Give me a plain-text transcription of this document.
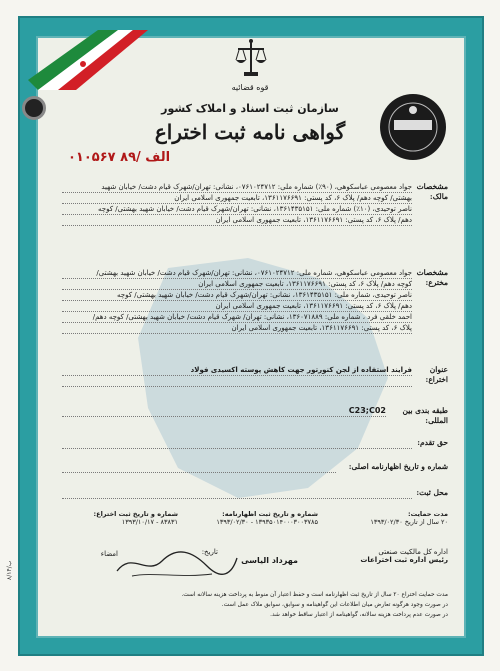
قوه قضائیه
سازمان ثبت اسناد و املاک کشور
گواهی نامه ثبت اختراع
الف /۸۹ ۰۱۰۵۶۷
مشخصات مالک:
جواد معصومی عباسکوهی، (۹۰٪) شماره ملی: ۰۷۶۱۰۲۴۷۱۲، نشانی: تهران/شهرک قیام دشت/ خیابان شهید
بهشتی/ کوچه دهم/ پلاک ۶، کد پستی: ۱۳۶۱۱۷۶۶۹۱، تابعیت جمهوری اسلامی ایران
ناصر توحیدی، (۱۰٪) شماره ملی: ۱۳۶۱۴۳۵۱۵۱، نشانی: تهران/شهرک قیام دشت/ خیابان شهید بهشتی/ کوچه
دهم/ پلاک ۶، کد پستی: ۱۳۶۱۱۷۶۶۹۱، تابعیت جمهوری اسلامی ایران
مشخصات مخترع:
جواد معصومی عباسکوهی، شماره ملی: ۰۷۶۱۰۲۴۷۱۲، نشانی: تهران/شهرک قیام دشت/ خیابان شهید بهشتی/
کوچه دهم/ پلاک ۶، کد پستی: ۱۳۶۱۱۷۶۶۹۱، تابعیت جمهوری اسلامی ایران
ناصر توحیدی، شماره ملی: ۱۳۶۱۴۳۵۱۵۱، نشانی: تهران/شهرک قیام دشت/ خیابان شهید بهشتی/ کوچه
دهم/ پلاک ۶، کد پستی: ۱۳۶۱۱۷۶۶۹۱، تابعیت جمهوری اسلامی ایران
احمد خلقی فرد ، شماره ملی: ۱۳۶۰۷۱۸۸۹، نشانی: تهران/ شهرک قیام دشت/ خیابان شهید بهشتی/ کوچه دهم/
پلاک ۶، کد پستی: ۱۳۶۱۱۷۶۶۹۱، تابعیت جمهوری اسلامی ایران
عنوان اختراع:
فرایند استفاده از لجن کنورتور جهت کاهش پوسته اکسیدی فولاد

طبقه بندی بین المللی:
C23;C02
حق تقدم:

شماره و تاریخ اظهارنامه اصلی:

محل ثبت:

مدت حمایت:
۲۰ سال از تاریخ ۱۳۹۳/۰۲/۳۰
شماره و تاریخ ثبت اظهارنامه:
۱۳۹۳۵۰۱۴۰۰۰۳۰۰۳۷۸۵ - ۱۳۹۳/۰۲/۳۰
شماره و تاریخ ثبت اختراع:
۸۳۸۳۱ - ۱۳۹۳/۱۰/۱۷
اداره کل مالکیت صنعتی
رئیس اداره ثبت اختراعات
مهرداد الیاسی
تاریخ:
امضاء
مدت حمایت اختراع ۲۰ سال از تاریخ ثبت اظهارنامه است و حفظ اعتبار آن منوط به پرداخت هزینه سالانه است.
در صورت وجود هرگونه تعارض میان اطلاعات این گواهینامه و سوابق، سوابق ملاک عمل است.
در صورت عدم پرداخت هزینه سالانه، گواهینامه از اعتبار ساقط خواهد شد.
ب/۸/۱۴
